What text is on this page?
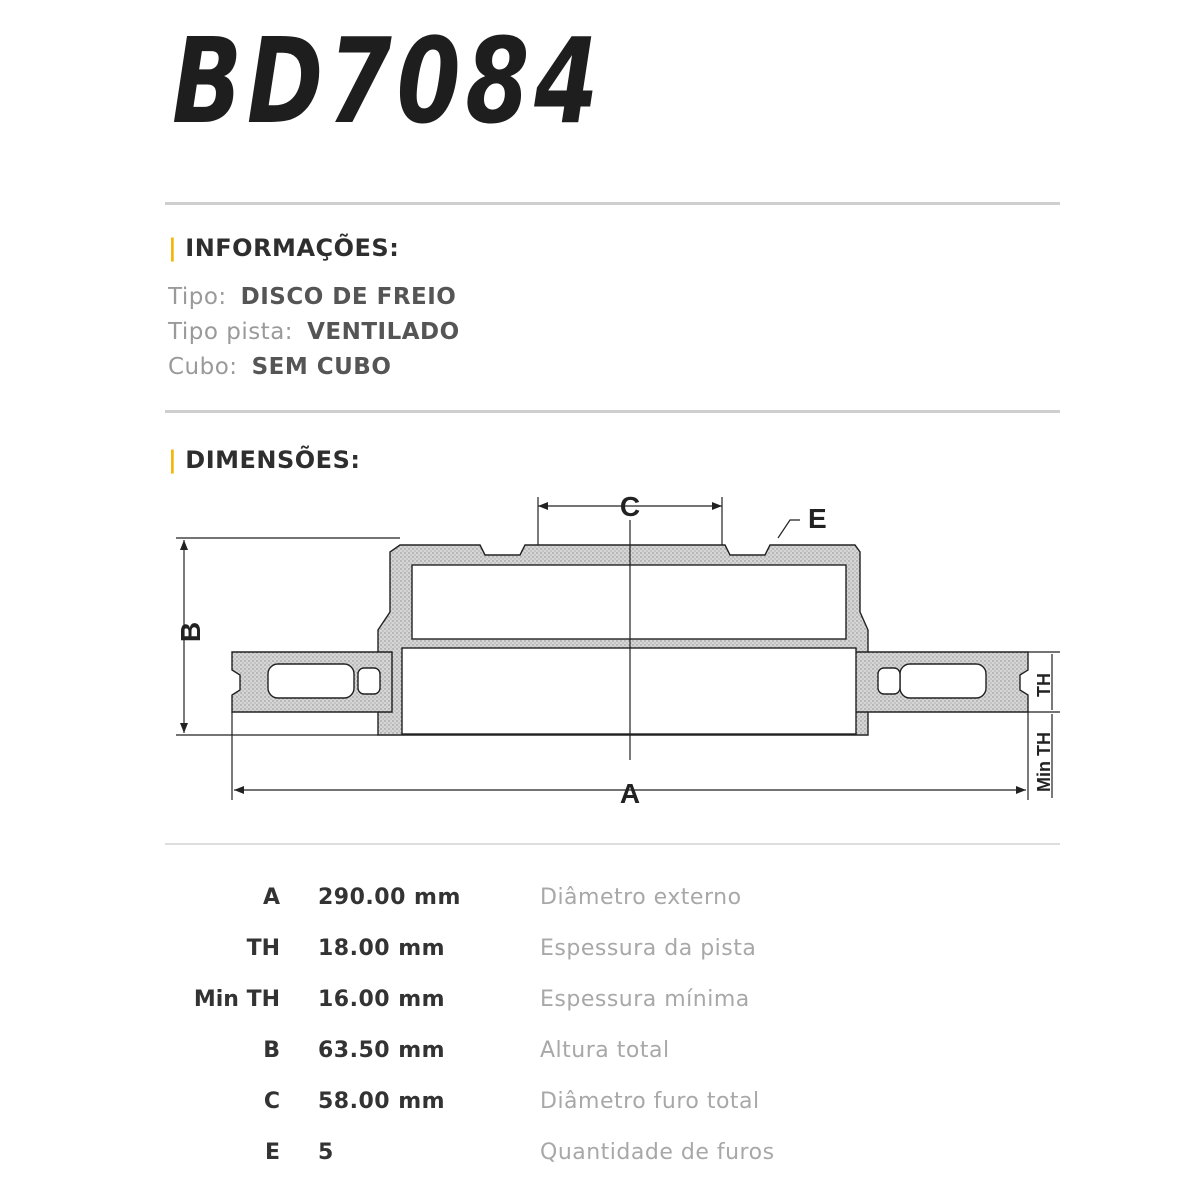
BD7084
| INFORMAÇÕES:
Tipo: DISCO DE FREIO
Tipo pista: VENTILADO
Cubo: SEM CUBO
| DIMENSÕES:
C	E
A
B
TH
Min TH
A 290.00 mm	Diâmetro externo
TH 18.00 mm	Espessura da pista
Min TH 16.00 mm	Espessura mínima
B 63.50 mm	Altura total
C 58.00 mm	Diâmetro furo total
E 5	Quantidade de furos
